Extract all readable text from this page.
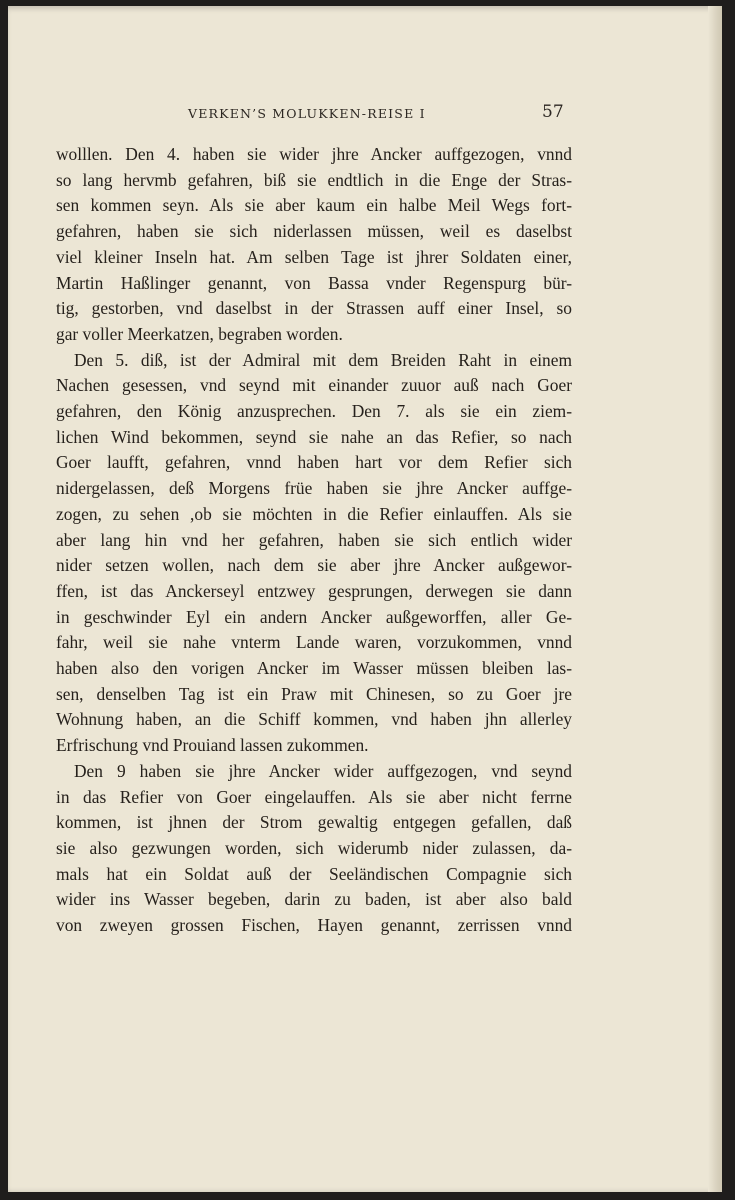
VERKEN’S MOLUKKEN-REISE I	57
wolllen. Den 4. haben sie wider jhre Ancker auffgezogen, vnnd
so lang hervmb gefahren, biß sie endtlich in die Enge der Stras-
sen kommen seyn. Als sie aber kaum ein halbe Meil Wegs fort-
gefahren, haben sie sich niderlassen müssen, weil es daselbst
viel kleiner Inseln hat. Am selben Tage ist jhrer Soldaten einer,
Martin Haßlinger genannt, von Bassa vnder Regenspurg bür-
tig, gestorben, vnd daselbst in der Strassen auff einer Insel, so
gar voller Meerkatzen, begraben worden.
Den 5. diß, ist der Admiral mit dem Breiden Raht in einem
Nachen gesessen, vnd seynd mit einander zuuor auß nach Goer
gefahren, den König anzusprechen. Den 7. als sie ein ziem-
lichen Wind bekommen, seynd sie nahe an das Refier, so nach
Goer laufft, gefahren, vnnd haben hart vor dem Refier sich
nidergelassen, deß Morgens früe haben sie jhre Ancker auffge-
zogen, zu sehen ,ob sie möchten in die Refier einlauffen. Als sie
aber lang hin vnd her gefahren, haben sie sich entlich wider
nider setzen wollen, nach dem sie aber jhre Ancker außgewor-
ffen, ist das Anckerseyl entzwey gesprungen, derwegen sie dann
in geschwinder Eyl ein andern Ancker außgeworffen, aller Ge-
fahr, weil sie nahe vnterm Lande waren, vorzukommen, vnnd
haben also den vorigen Ancker im Wasser müssen bleiben las-
sen, denselben Tag ist ein Praw mit Chinesen, so zu Goer jre
Wohnung haben, an die Schiff kommen, vnd haben jhn allerley
Erfrischung vnd Prouiand lassen zukommen.
Den 9 haben sie jhre Ancker wider auffgezogen, vnd seynd
in das Refier von Goer eingelauffen. Als sie aber nicht ferrne
kommen, ist jhnen der Strom gewaltig entgegen gefallen, daß
sie also gezwungen worden, sich widerumb nider zulassen, da-
mals hat ein Soldat auß der Seeländischen Compagnie sich
wider ins Wasser begeben, darin zu baden, ist aber also bald
von zweyen grossen Fischen, Hayen genannt, zerrissen vnnd
